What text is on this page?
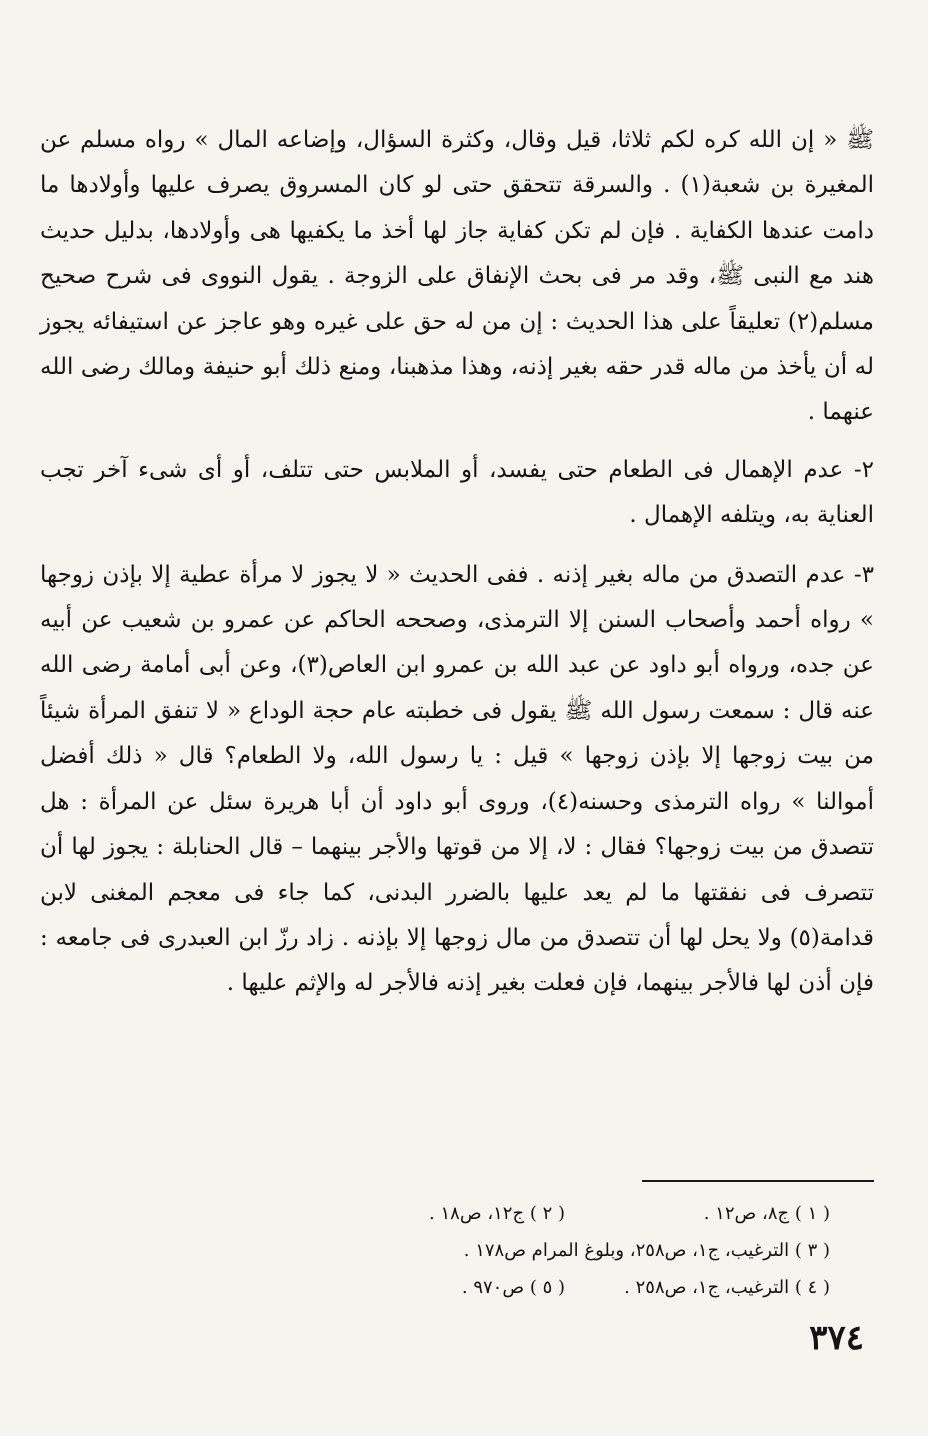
ﷺ « إن الله كره لكم ثلاثا، قيل وقال، وكثرة السؤال، وإضاعه المال » رواه مسلم عن المغيرة بن شعبة(١) . والسرقة تتحقق حتى لو كان المسروق يصرف عليها وأولادها ما دامت عندها الكفاية . فإن لم تكن كفاية جاز لها أخذ ما يكفيها هى وأولادها، بدليل حديث هند مع النبى ﷺ، وقد مر فى بحث الإنفاق على الزوجة . يقول النووى فى شرح صحيح مسلم(٢) تعليقاً على هذا الحديث : إن من له حق على غيره وهو عاجز عن استيفائه يجوز له أن يأخذ من ماله قدر حقه بغير إذنه، وهذا مذهبنا، ومنع ذلك أبو حنيفة ومالك رضى الله عنهما .

٢- عدم الإهمال فى الطعام حتى يفسد، أو الملابس حتى تتلف، أو أى شىء آخر تجب العناية به، ويتلفه الإهمال .

٣- عدم التصدق من ماله بغير إذنه . ففى الحديث « لا يجوز لا مرأة عطية إلا بإذن زوجها » رواه أحمد وأصحاب السنن إلا الترمذى، وصححه الحاكم عن عمرو بن شعيب عن أبيه عن جده، ورواه أبو داود عن عبد الله بن عمرو ابن العاص(٣)، وعن أبى أمامة رضى الله عنه قال : سمعت رسول الله ﷺ يقول فى خطبته عام حجة الوداع « لا تنفق المرأة شيئاً من بيت زوجها إلا بإذن زوجها » قيل : يا رسول الله، ولا الطعام؟ قال « ذلك أفضل أموالنا » رواه الترمذى وحسنه(٤)، وروى أبو داود أن أبا هريرة سئل عن المرأة : هل تتصدق من بيت زوجها؟ فقال : لا، إلا من قوتها والأجر بينهما – قال الحنابلة : يجوز لها أن تتصرف فى نفقتها ما لم يعد عليها بالضرر البدنى، كما جاء فى معجم المغنى لابن قدامة(٥) ولا يحل لها أن تتصدق من مال زوجها إلا بإذنه . زاد رزّ ابن العبدرى فى جامعه : فإن أذن لها فالأجر بينهما، فإن فعلت بغير إذنه فالأجر له والإثم عليها .

( ١ ) ج٨، ص١٢ .
( ٢ ) ج١٢، ص١٨ .
( ٣ ) الترغيب، ج١، ص٢٥٨، وبلوغ المرام ص١٧٨ .
( ٤ ) الترغيب، ج١، ص٢٥٨ .
( ٥ ) ص٩٧٠ .
٣٧٤
